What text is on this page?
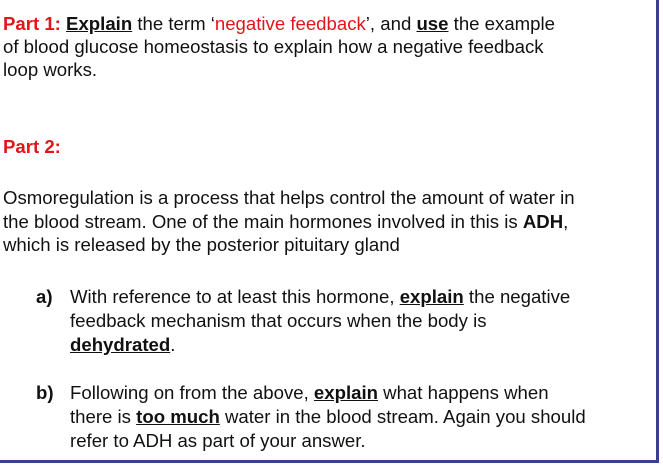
Part 1: Explain the term ‘negative feedback’, and use the example

of blood glucose homeostasis to explain how a negative feedback

loop works.

Part 2:

Osmoregulation is a process that helps control the amount of water in

the blood stream. One of the main hormones involved in this is ADH,

which is released by the posterior pituitary gland

a) With reference to at least this hormone, explain the negative
feedback mechanism that occurs when the body is
dehydrated.
b) Following on from the above, explain what happens when
there is too much water in the blood stream. Again you should
refer to ADH as part of your answer.
